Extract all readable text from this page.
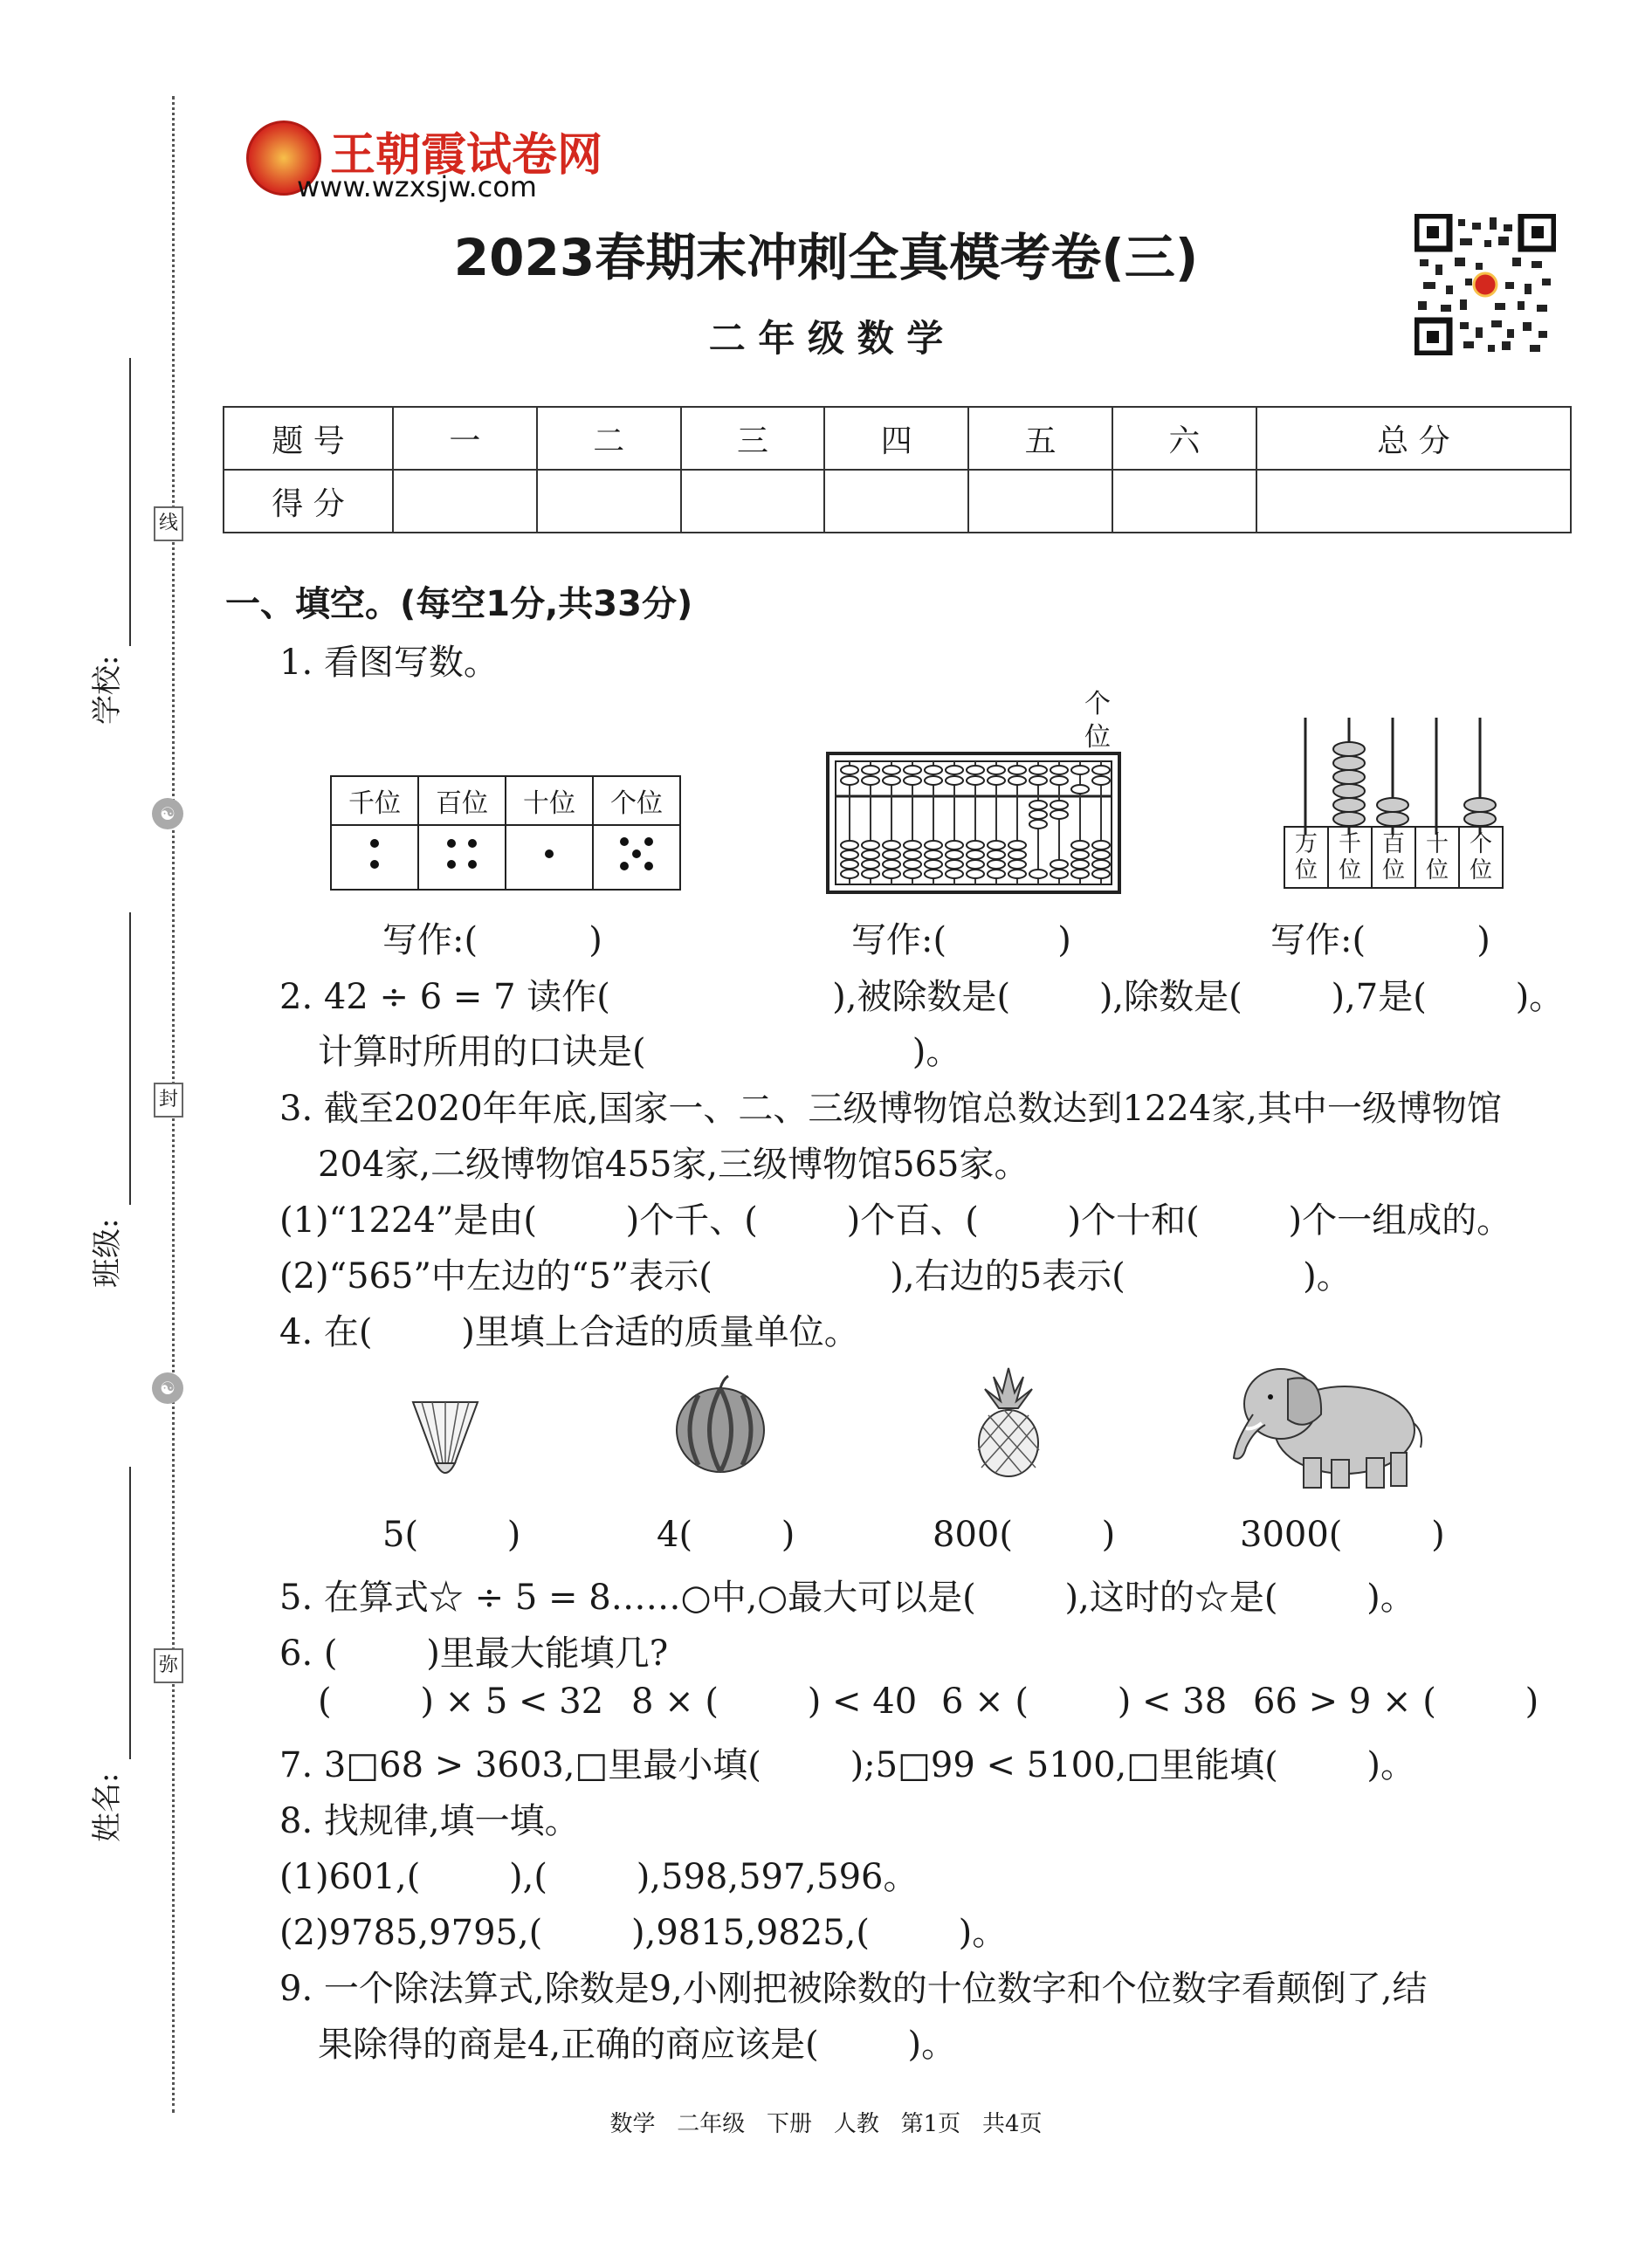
线
封
弥
☯
☯
学校:
班级:
姓名:
王朝霞试卷网
www.wzxsjw.com
2023春期末冲刺全真模考卷(三)
二 年 级 数 学
题 号	一	二	三	四	五	六	总 分
得 分							
一、填空。(每空1分,共33分)
1. 看图写数。
千位	百位	十位	个位

个位
万位	千位	百位	十位	个位
写作:(          )	写作:(          )	写作:(          )
2. 42 ÷ 6 = 7 读作(                    ),被除数是(        ),除数是(        ),7是(        )。
计算时所用的口诀是(                        )。
3. 截至2020年年底,国家一、二、三级博物馆总数达到1224家,其中一级博物馆
204家,二级博物馆455家,三级博物馆565家。
(1)“1224”是由(        )个千、(        )个百、(        )个十和(        )个一组成的。
(2)“565”中左边的“5”表示(                ),右边的5表示(                )。
4. 在(        )里填上合适的质量单位。
5(        )	4(        )	800(        )	3000(        )
5. 在算式☆ ÷ 5 = 8……○中,○最大可以是(        ),这时的☆是(        )。
6. (        )里最大能填几?
(        ) × 5 < 32 8 × (        ) < 40 6 × (        ) < 38 66 > 9 × (        )
7. 3□68 > 3603,□里最小填(        );5□99 < 5100,□里能填(        )。
8. 找规律,填一填。
(1)601,(        ),(        ),598,597,596。
(2)9785,9795,(        ),9815,9825,(        )。
9. 一个除法算式,除数是9,小刚把被除数的十位数字和个位数字看颠倒了,结
果除得的商是4,正确的商应该是(        )。
数学   二年级   下册   人教   第1页   共4页
